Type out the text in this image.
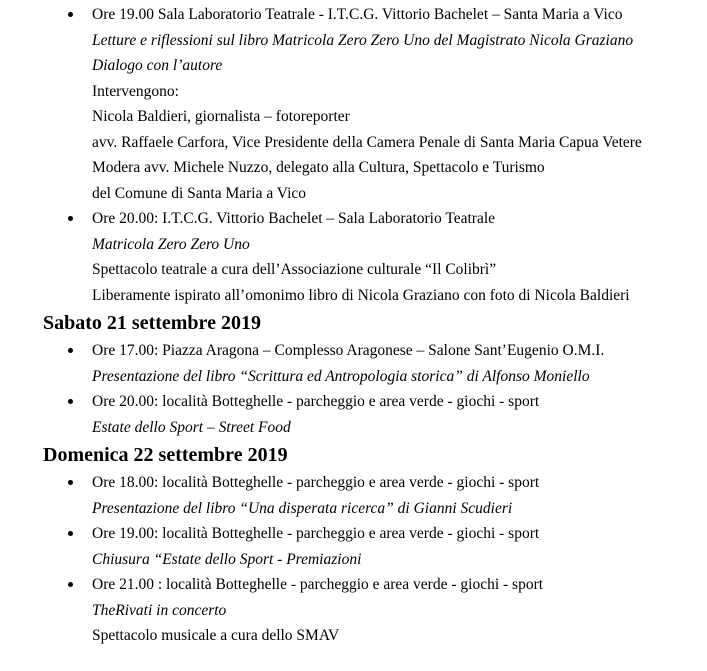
Ore 19.00 Sala Laboratorio Teatrale - I.T.C.G. Vittorio Bachelet – Santa Maria a Vico
Letture e riflessioni sul libro Matricola Zero Zero Uno del Magistrato Nicola Graziano
Dialogo con l’autore
Intervengono:
Nicola Baldieri, giornalista – fotoreporter
avv. Raffaele Carfora, Vice Presidente della Camera Penale di Santa Maria Capua Vetere
Modera avv. Michele Nuzzo, delegato alla Cultura, Spettacolo e Turismo
del Comune di Santa Maria a Vico
Ore 20.00: I.T.C.G. Vittorio Bachelet – Sala Laboratorio Teatrale
Matricola Zero Zero Uno
Spettacolo teatrale a cura dell’Associazione culturale “Il Colibrì”
Liberamente ispirato all’omonimo libro di Nicola Graziano con foto di Nicola Baldieri
Sabato 21 settembre 2019
Ore 17.00: Piazza Aragona – Complesso Aragonese – Salone Sant’Eugenio O.M.I.
Presentazione del libro “Scrittura ed Antropologia storica” di Alfonso Moniello
Ore 20.00: località Botteghelle - parcheggio e area verde - giochi - sport
Estate dello Sport – Street Food
Domenica 22 settembre 2019
Ore 18.00: località Botteghelle - parcheggio e area verde - giochi - sport
Presentazione del libro “Una disperata ricerca” di Gianni Scudieri
Ore 19.00: località Botteghelle - parcheggio e area verde - giochi - sport
Chiusura “Estate dello Sport - Premiazioni
Ore 21.00 : località Botteghelle - parcheggio e area verde - giochi - sport
TheRivati in concerto
Spettacolo musicale a cura dello SMAV
